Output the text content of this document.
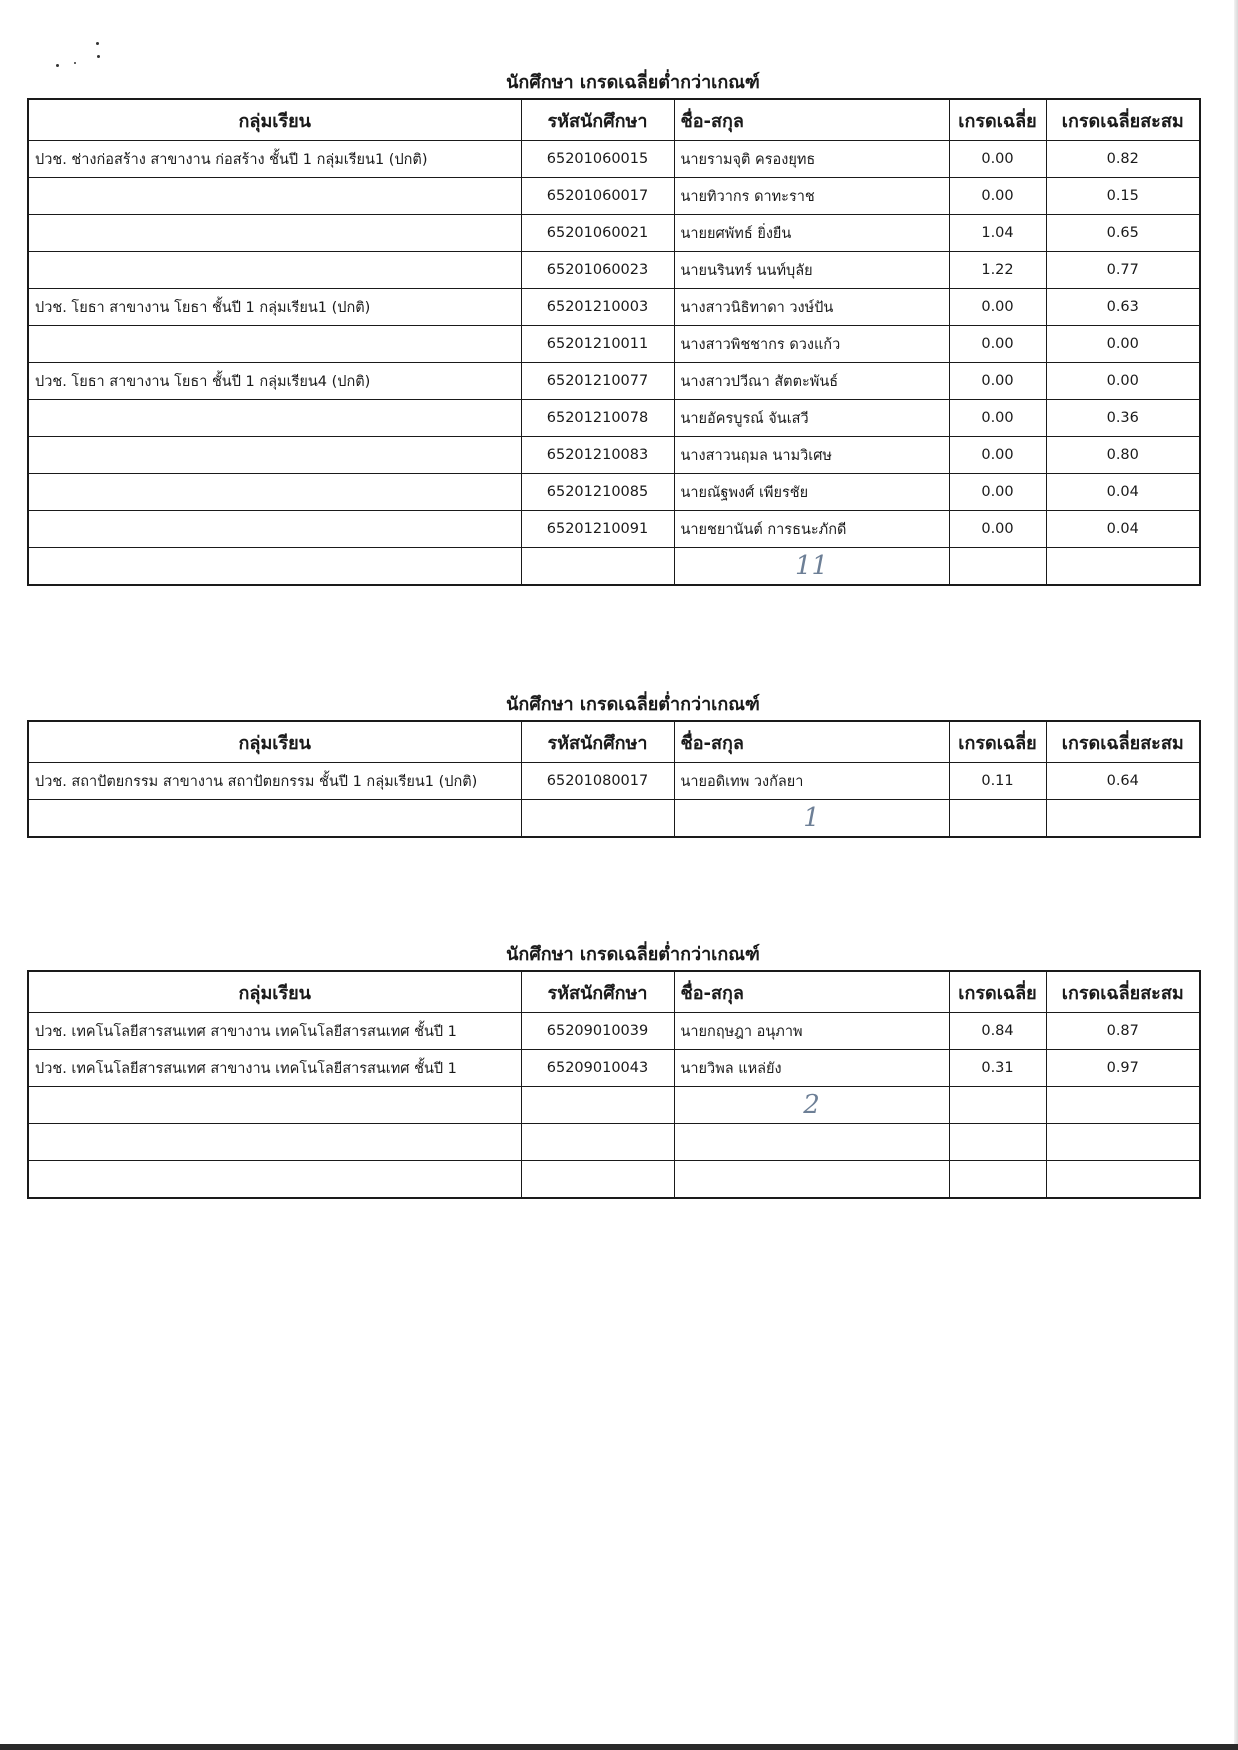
นักศึกษา เกรดเฉลี่ยต่ำกว่าเกณฑ์
กลุ่มเรียน	รหัสนักศึกษา	ชื่อ-สกุล	เกรดเฉลี่ย	เกรดเฉลี่ยสะสม
ปวช. ช่างก่อสร้าง สาขางาน ก่อสร้าง ชั้นปี 1 กลุ่มเรียน1 (ปกติ)	65201060015	นายรามจุติ ครองยุทธ	0.00	0.82
	65201060017	นายทิวากร ดาทะราช	0.00	0.15
	65201060021	นายยศพัทธ์ ยิ่งยืน	1.04	0.65
	65201060023	นายนรินทร์ นนท์บุลัย	1.22	0.77
ปวช. โยธา สาขางาน โยธา ชั้นปี 1 กลุ่มเรียน1 (ปกติ)	65201210003	นางสาวนิธิทาดา วงษ์ปัน	0.00	0.63
	65201210011	นางสาวพิชชากร ดวงแก้ว	0.00	0.00
ปวช. โยธา สาขางาน โยธา ชั้นปี 1 กลุ่มเรียน4 (ปกติ)	65201210077	นางสาวปวีณา สัตตะพันธ์	0.00	0.00
	65201210078	นายอัครบูรณ์ จันเสวี	0.00	0.36
	65201210083	นางสาวนฤมล นามวิเศษ	0.00	0.80
	65201210085	นายณัฐพงศ์ เพียรชัย	0.00	0.04
	65201210091	นายชยานันต์ การธนะภักดี	0.00	0.04
		11		
นักศึกษา เกรดเฉลี่ยต่ำกว่าเกณฑ์
กลุ่มเรียน	รหัสนักศึกษา	ชื่อ-สกุล	เกรดเฉลี่ย	เกรดเฉลี่ยสะสม
ปวช. สถาปัตยกรรม สาขางาน สถาปัตยกรรม ชั้นปี 1 กลุ่มเรียน1 (ปกติ)	65201080017	นายอดิเทพ วงกัลยา	0.11	0.64
		1		
นักศึกษา เกรดเฉลี่ยต่ำกว่าเกณฑ์
กลุ่มเรียน	รหัสนักศึกษา	ชื่อ-สกุล	เกรดเฉลี่ย	เกรดเฉลี่ยสะสม
ปวช. เทคโนโลยีสารสนเทศ สาขางาน เทคโนโลยีสารสนเทศ ชั้นปี 1	65209010039	นายกฤษฎา อนุภาพ	0.84	0.87
ปวช. เทคโนโลยีสารสนเทศ สาขางาน เทคโนโลยีสารสนเทศ ชั้นปี 1	65209010043	นายวิพล แหล่ยัง	0.31	0.97
		2		
